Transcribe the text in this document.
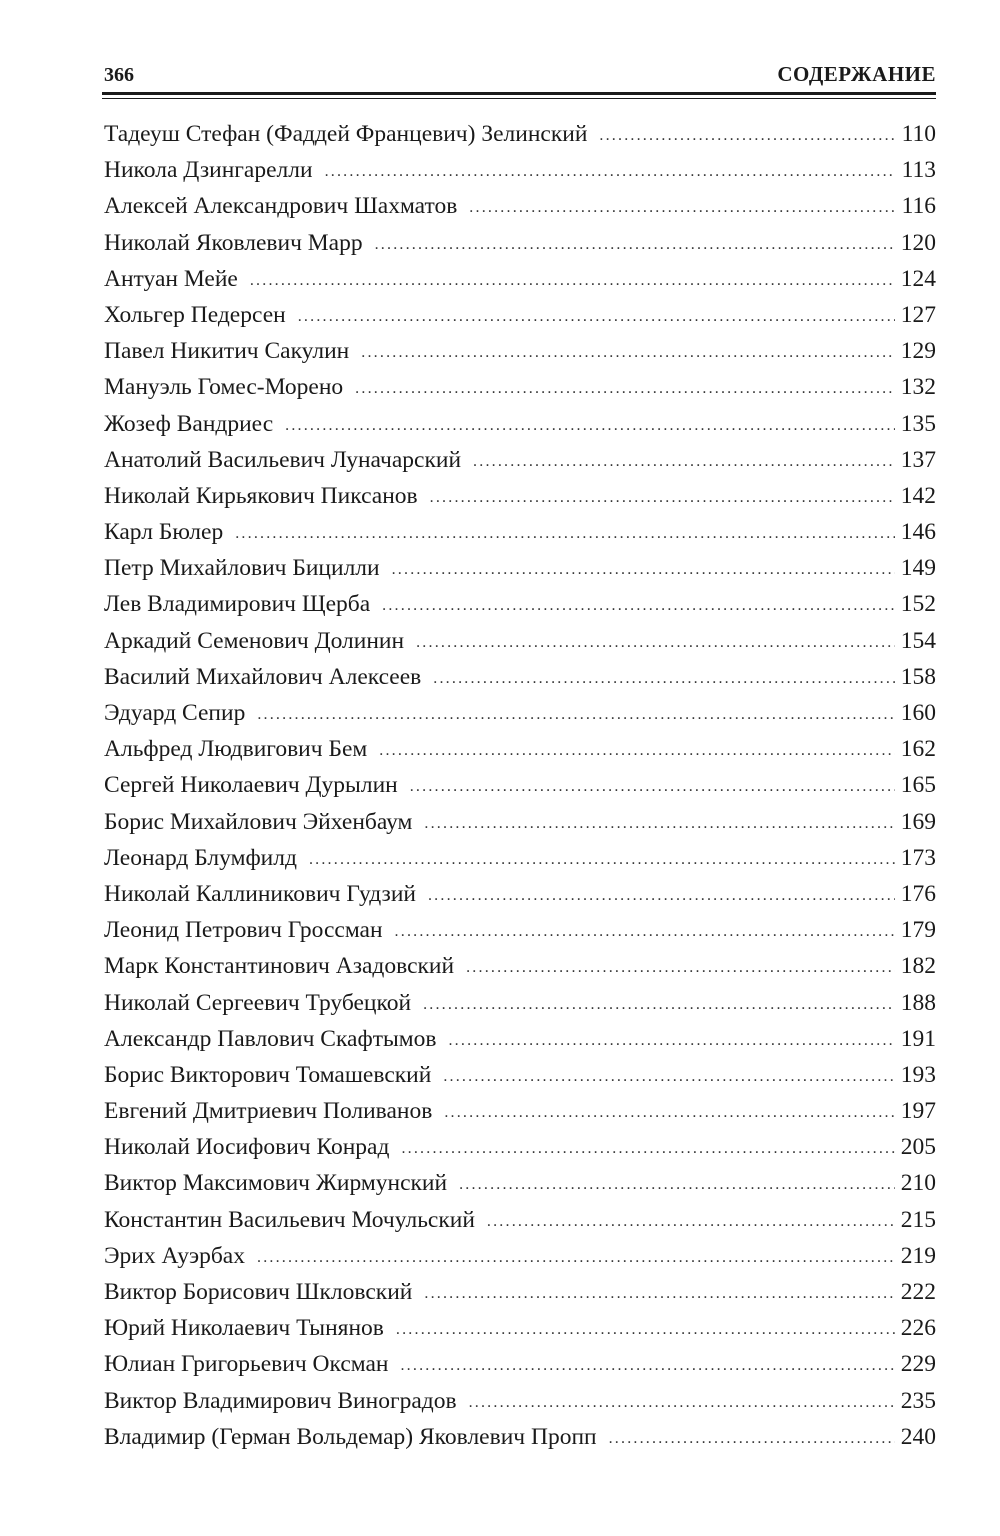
366	СОДЕРЖАНИЕ
Тадеуш Стефан (Фаддей Францевич) Зелинский .....	110
Никола Дзингарелли .....	113
Алексей Александрович Шахматов .....	116
Николай Яковлевич Марр .....	120
Антуан Мейе .....	124
Хольгер Педерсен .....	127
Павел Никитич Сакулин .....	129
Мануэль Гомес-Морено .....	132
Жозеф Вандриес .....	135
Анатолий Васильевич Луначарский .....	137
Николай Кирьякович Пиксанов .....	142
Карл Бюлер .....	146
Петр Михайлович Бицилли .....	149
Лев Владимирович Щерба .....	152
Аркадий Семенович Долинин .....	154
Василий Михайлович Алексеев .....	158
Эдуард Сепир .....	160
Альфред Людвигович Бем .....	162
Сергей Николаевич Дурылин .....	165
Борис Михайлович Эйхенбаум .....	169
Леонард Блумфилд .....	173
Николай Каллиникович Гудзий .....	176
Леонид Петрович Гроссман .....	179
Марк Константинович Азадовский .....	182
Николай Сергеевич Трубецкой .....	188
Александр Павлович Скафтымов .....	191
Борис Викторович Томашевский .....	193
Евгений Дмитриевич Поливанов .....	197
Николай Иосифович Конрад .....	205
Виктор Максимович Жирмунский .....	210
Константин Васильевич Мочульский .....	215
Эрих Ауэрбах .....	219
Виктор Борисович Шкловский .....	222
Юрий Николаевич Тынянов .....	226
Юлиан Григорьевич Оксман .....	229
Виктор Владимирович Виноградов .....	235
Владимир (Герман Вольдемар) Яковлевич Пропп .....	240
